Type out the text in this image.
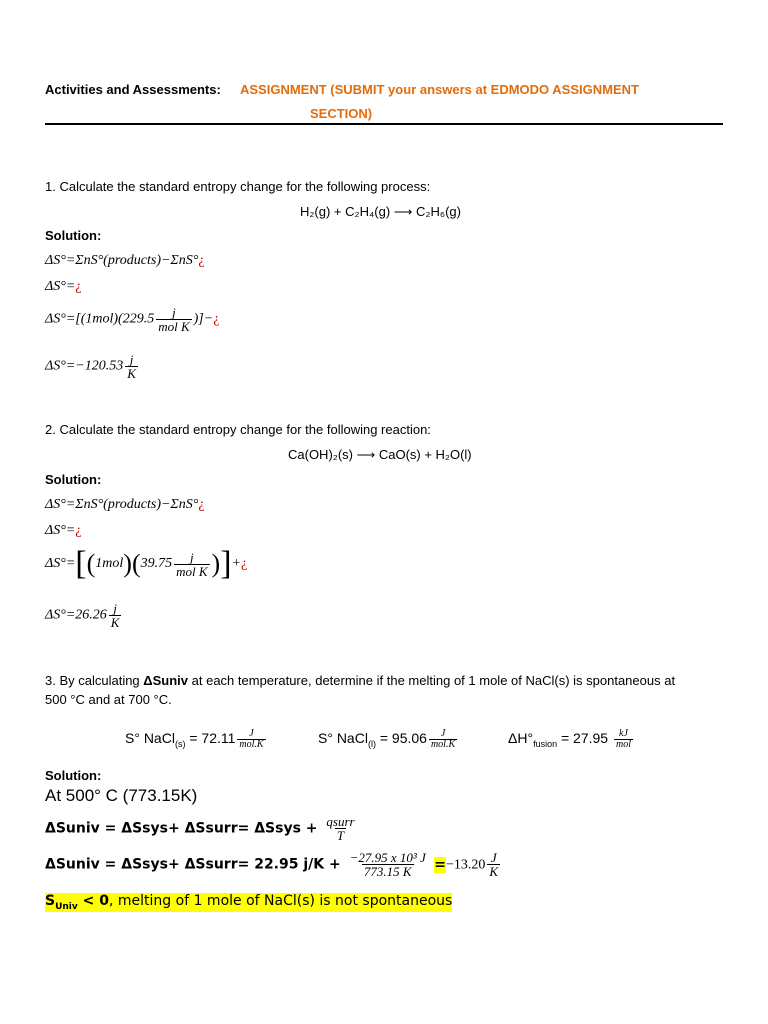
Activities and Assessments: ASSIGNMENT (SUBMIT your answers at EDMODO ASSIGNMENT
SECTION)
1. Calculate the standard entropy change for the following process:
H₂(g) + C₂H₄(g) ⟶ C₂H₆(g)
Solution:
ΔS°=ΣnS°(products)−ΣnS°¿
ΔS°=¿
$\Delta S^\circ=[(1mol)(229.5 \frac{j}{\text{mol K}}$ )]−¿
$\Delta S^\circ=-120.53 \frac{j}{K}$
2. Calculate the standard entropy change for the following reaction:
Ca(OH)₂(s) ⟶ CaO(s) + H₂O(l)
Solution:
ΔS°=ΣnS°(products)−ΣnS°¿
ΔS°=¿
$\Delta S^\circ=[(1mol)(39.75 \frac{j}{\text{mol K}}$ )]+¿
$\Delta S^\circ=26.26 \frac{j}{K}$
3. By calculating ΔSuniv at each temperature, determine if the melting of 1 mole of NaCl(s) is spontaneous at
500 °C and at 700 °C.
S° NaCl$_{(s)}$ = $72.11 \frac{J}{\text{mol.K}}$	S° NaCl$_{(l)}$ = $95.06 \frac{J}{\text{mol.K}}$	$\Delta H^\circ_{fusion} = 27.95 \frac{kJ}{\text{mol}}$
Solution:
At 500° C (773.15K)
ΔSuniv = ΔSsys+ ΔSsurr= ΔSsys + $\frac{\text{qsurr}}{T}$
ΔSuniv = ΔSsys+ ΔSsurr= 22.95 $j/K + \frac{\text{−27.95 x 10³ J}}{773.15 K} =-13.20 \frac{J}{K}$
$S_{Univ} < 0$, melting of 1 mole of NaCl(s) is not spontaneous
